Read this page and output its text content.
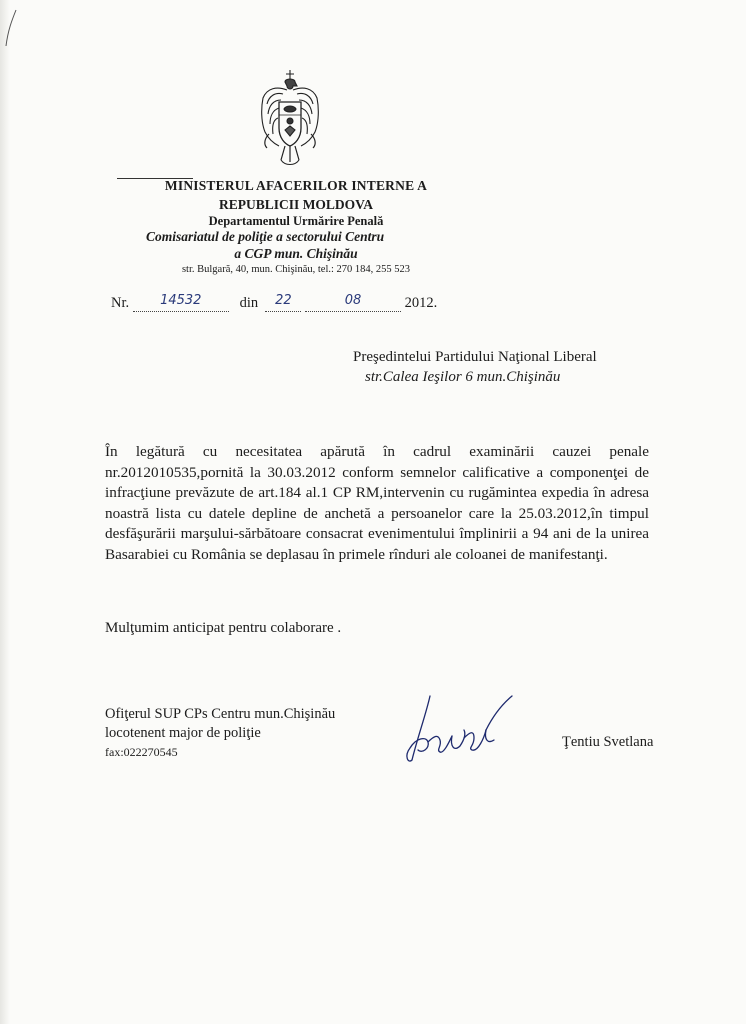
MINISTERUL AFACERILOR INTERNE A
REPUBLICII MOLDOVA
Departamentul Urmărire Penală
Comisariatul de poliţie a sectorului Centru
a CGP mun. Chişinău
str. Bulgară, 40, mun. Chişinău, tel.: 270 184, 255 523
Nr. 14532	din 22	08	2012.
Preşedintelui Partidului Naţional Liberal
str.Calea Ieşilor 6 mun.Chişinău

În legătură cu necesitatea apărută în cadrul examinării cauzei penale nr.2012010535,pornită la 30.03.2012 conform semnelor calificative a componenţei de infracţiune prevăzute de art.184 al.1 CP RM,intervenin cu rugămintea expedia în adresa noastră lista cu datele depline de anchetă a persoanelor care la 25.03.2012,în timpul desfăşurării marşului-sărbătoare consacrat evenimentului împlinirii a 94 ani de la unirea Basarabiei cu România se deplasau în primele rînduri ale coloanei de manifestanţi.

Mulţumim anticipat pentru colaborare .
Ofiţerul SUP CPs Centru mun.Chişinău
locotenent major de poliţie
fax:022270545
Ţentiu Svetlana
